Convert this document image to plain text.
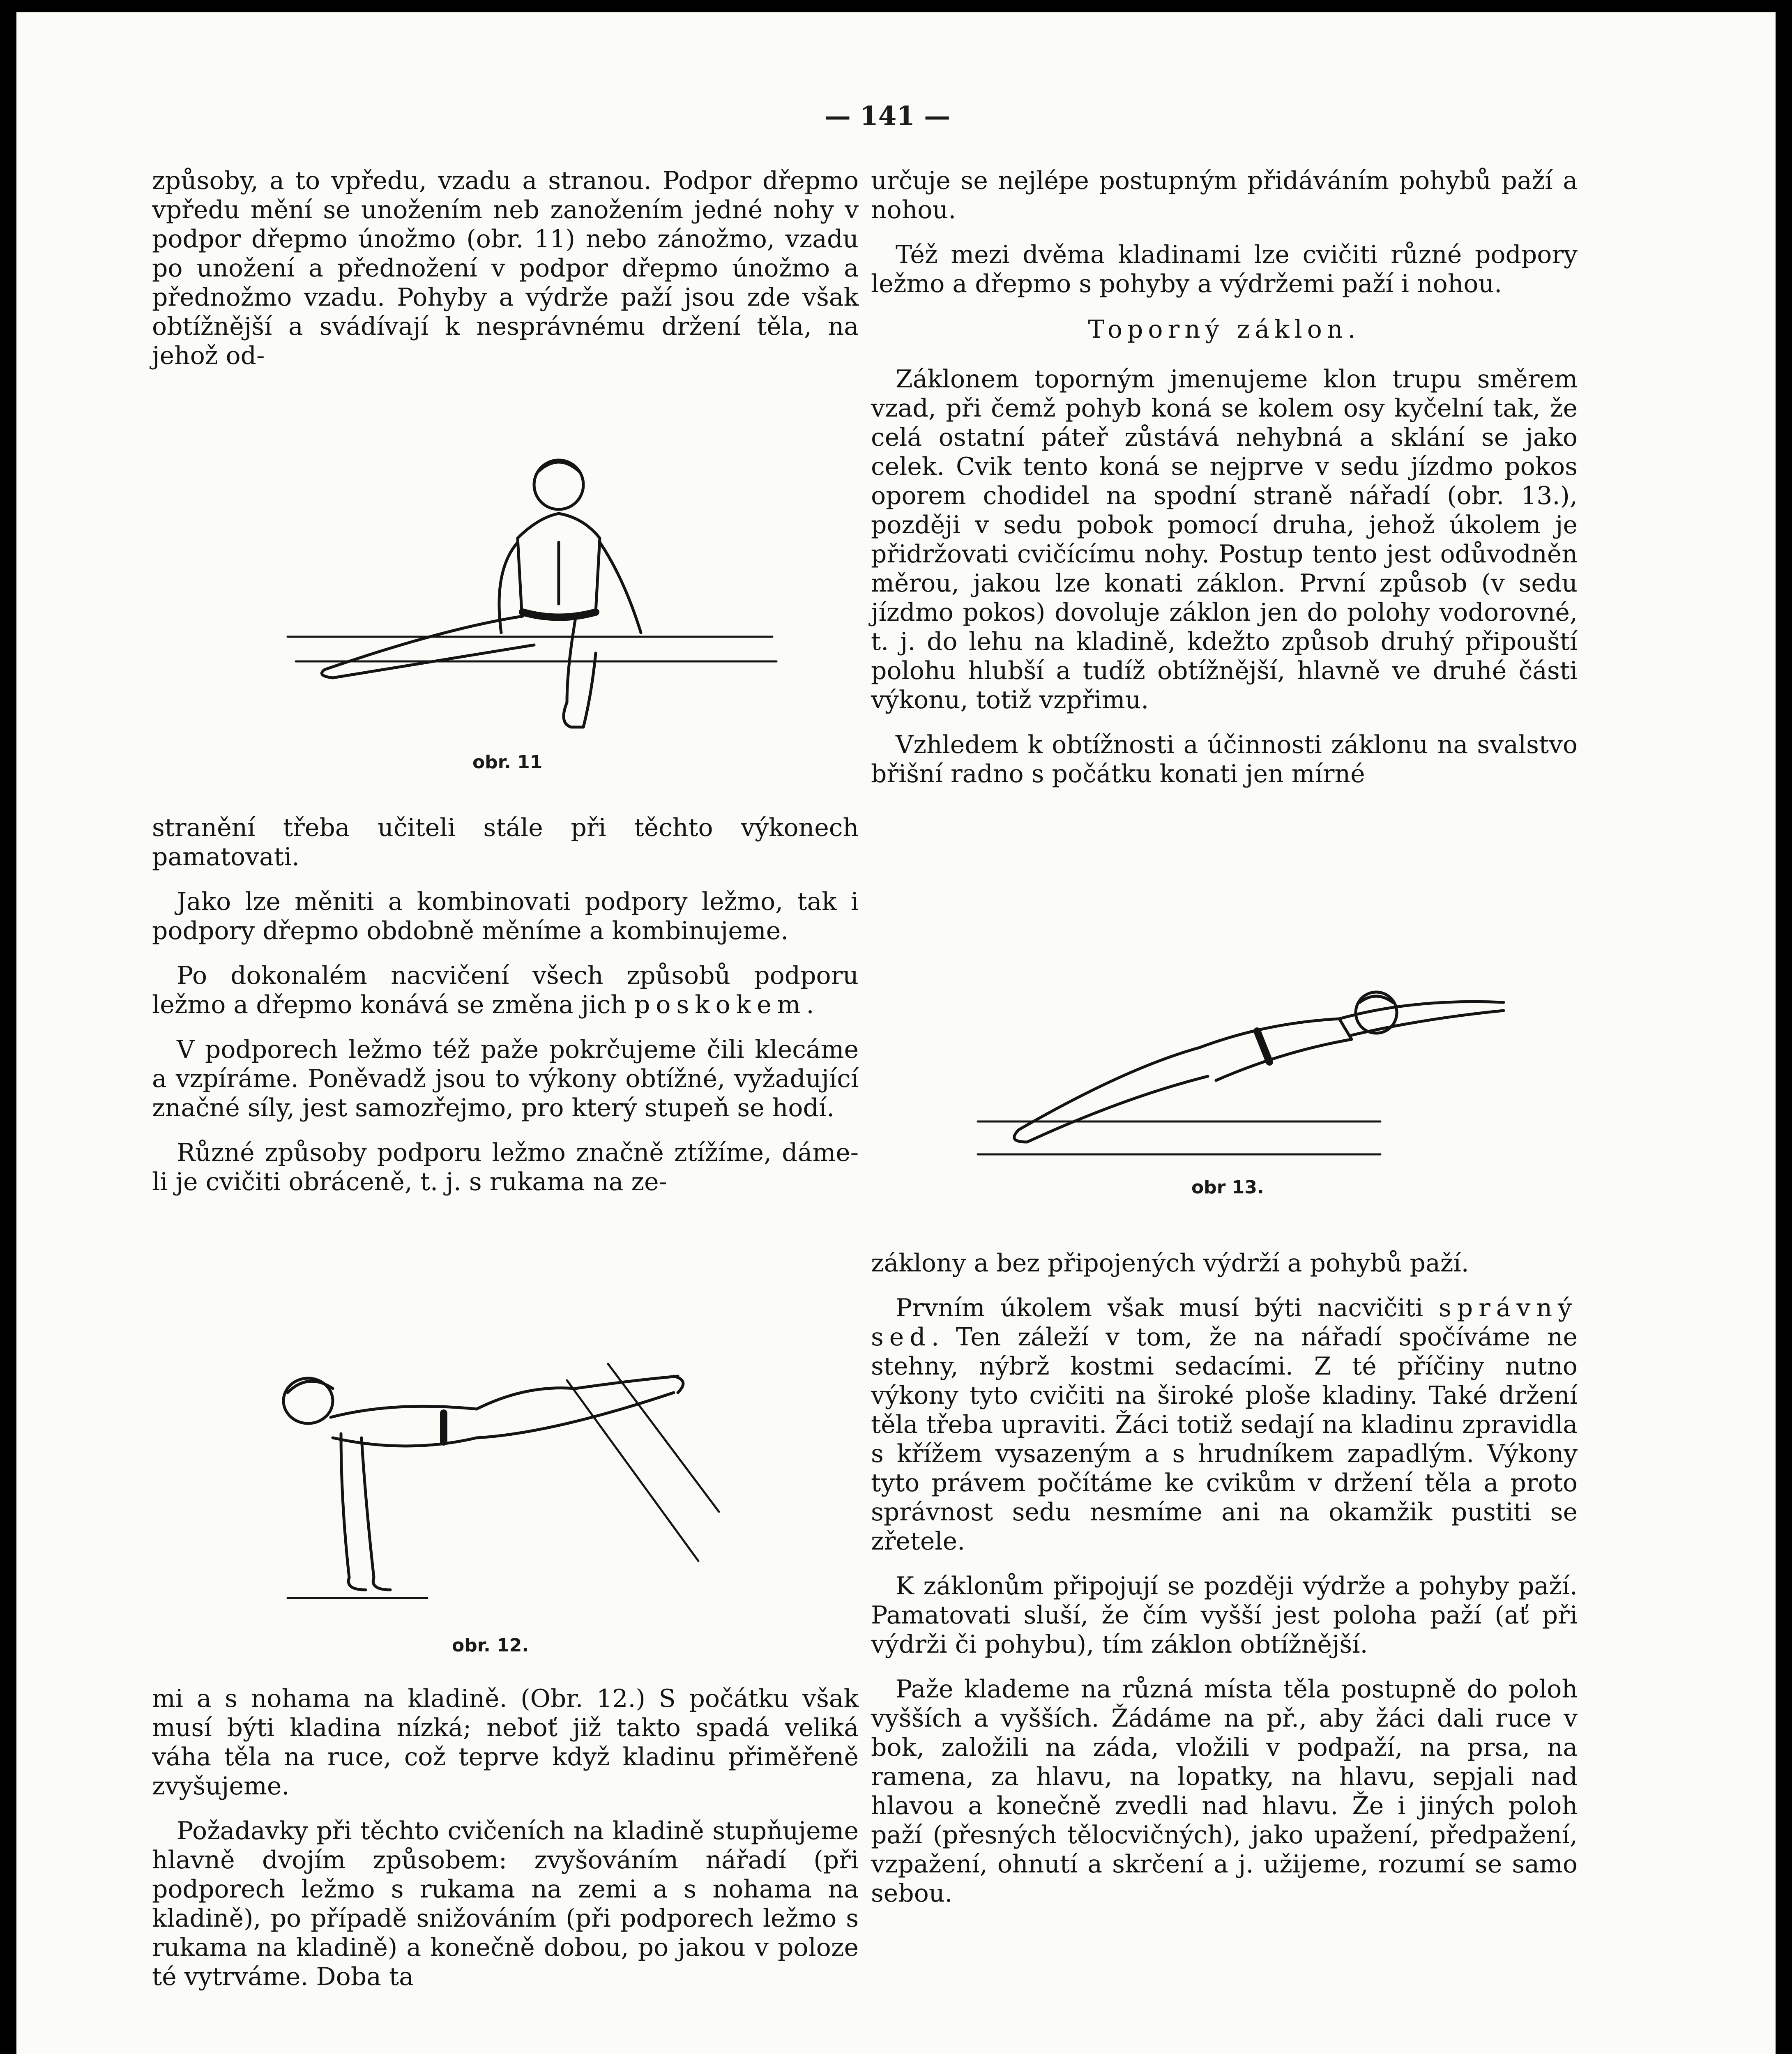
— 141 —

způsoby, a to vpředu, vzadu a stranou. Podpor dřepmo vpředu mění se unožením neb zanožením jedné nohy v podpor dřepmo únožmo (obr. 11) nebo zánožmo, vzadu po unožení a přednožení v podpor dřepmo únožmo a přednožmo vzadu. Pohyby a výdrže paží jsou zde však obtížnější a svádívají k nesprávnému držení těla, na jehož od-

obr. 11

stranění třeba učiteli stále při těchto výkonech pamatovati.

Jako lze měniti a kombinovati podpory ležmo, tak i podpory dřepmo obdobně měníme a kombinujeme.

Po dokonalém nacvičení všech způsobů podporu ležmo a dřepmo konává se změna jich poskokem.

V podporech ležmo též paže pokrčujeme čili klecáme a vzpíráme. Poněvadž jsou to výkony obtížné, vyžadující značné síly, jest samozřejmo, pro který stupeň se hodí.

Různé způsoby podporu ležmo značně ztížíme, dáme-li je cvičiti obráceně, t. j. s rukama na ze-

obr. 12.

mi a s nohama na kladině. (Obr. 12.) S počátku však musí býti kladina nízká; neboť již takto spadá veliká váha těla na ruce, což teprve když kladinu přiměřeně zvyšujeme.

Požadavky při těchto cvičeních na kladině stupňujeme hlavně dvojím způsobem: zvyšováním nářadí (při podporech ležmo s rukama na zemi a s nohama na kladině), po případě snižováním (při podporech ležmo s rukama na kladině) a konečně dobou, po jakou v poloze té vytrváme. Doba ta

určuje se nejlépe postupným přidáváním pohybů paží a nohou.

Též mezi dvěma kladinami lze cvičiti různé podpory ležmo a dřepmo s pohyby a výdržemi paží i nohou.

Toporný záklon.

Záklonem toporným jmenujeme klon trupu směrem vzad, při čemž pohyb koná se kolem osy kyčelní tak, že celá ostatní páteř zůstává nehybná a sklání se jako celek. Cvik tento koná se nejprve v sedu jízdmo pokos oporem chodidel na spodní straně nářadí (obr. 13.), později v sedu pobok pomocí druha, jehož úkolem je přidržovati cvičícímu nohy. Postup tento jest odůvodněn měrou, jakou lze konati záklon. První způsob (v sedu jízdmo pokos) dovoluje záklon jen do polohy vodorovné, t. j. do lehu na kladině, kdežto způsob druhý připouští polohu hlubší a tudíž obtížnější, hlavně ve druhé části výkonu, totiž vzpřimu.

Vzhledem k obtížnosti a účinnosti záklonu na svalstvo břišní radno s počátku konati jen mírné

obr 13.

záklony a bez připojených výdrží a pohybů paží.

Prvním úkolem však musí býti nacvičiti správný sed. Ten záleží v tom, že na nářadí spočíváme ne stehny, nýbrž kostmi sedacími. Z té příčiny nutno výkony tyto cvičiti na široké ploše kladiny. Také držení těla třeba upraviti. Žáci totiž sedají na kladinu zpravidla s křížem vysazeným a s hrudníkem zapadlým. Výkony tyto právem počítáme ke cvikům v držení těla a proto správnost sedu nesmíme ani na okamžik pustiti se zřetele.

K záklonům připojují se později výdrže a pohyby paží. Pamatovati sluší, že čím vyšší jest poloha paží (ať při výdrži či pohybu), tím záklon obtížnější.

Paže klademe na různá místa těla postupně do poloh vyšších a vyšších. Žádáme na př., aby žáci dali ruce v bok, založili na záda, vložili v podpaží, na prsa, na ramena, za hlavu, na lopatky, na hlavu, sepjali nad hlavou a konečně zvedli nad hlavu. Že i jiných poloh paží (přesných tělocvičných), jako upažení, předpažení, vzpažení, ohnutí a skrčení a j. užijeme, rozumí se samo sebou.
